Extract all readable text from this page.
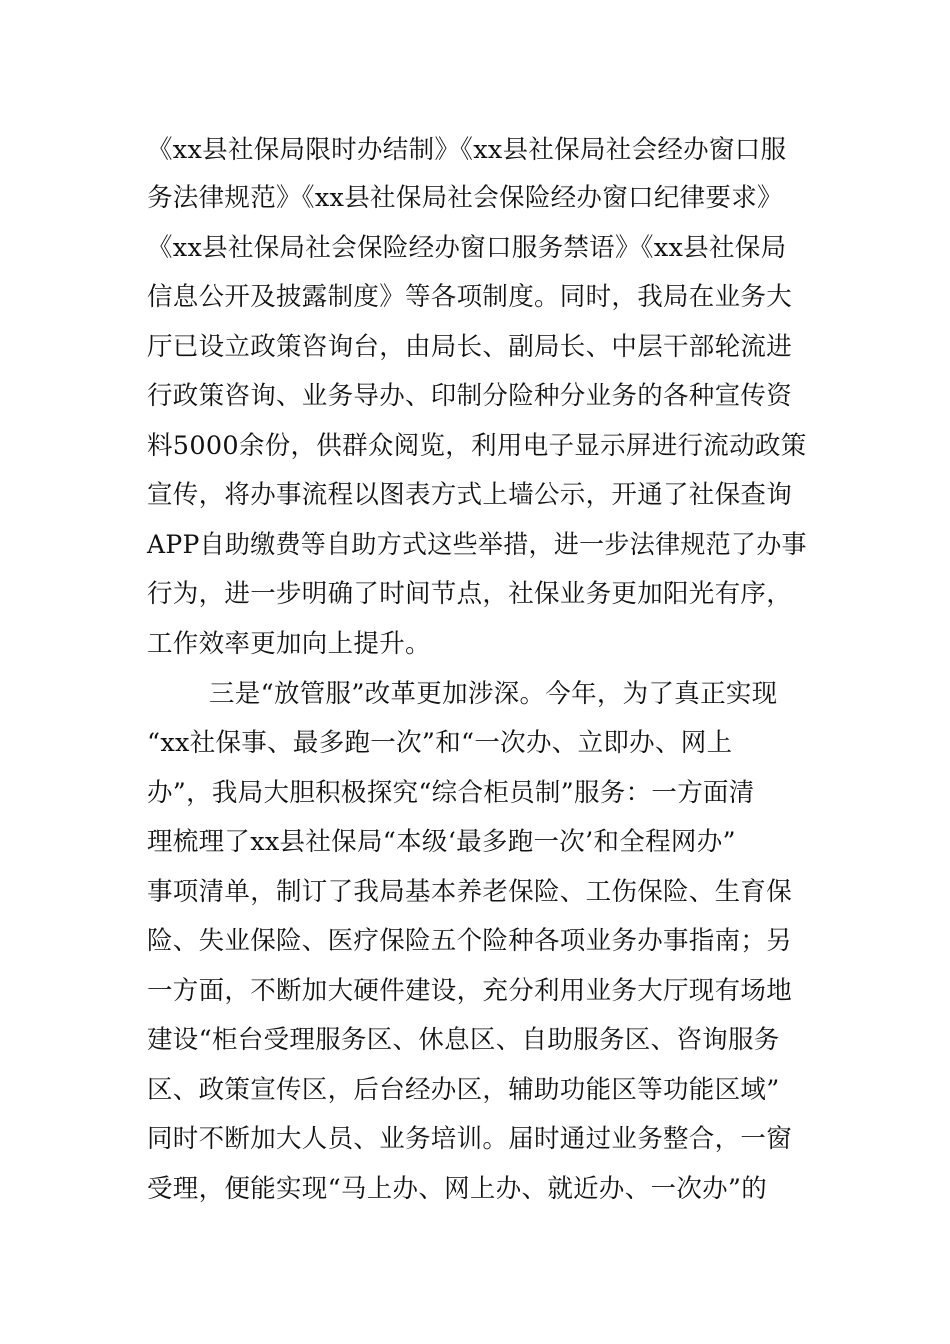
《xx县社保局限时办结制》《xx县社保局社会经办窗口服
务法律规范》《xx县社保局社会保险经办窗口纪律要求》
《xx县社保局社会保险经办窗口服务禁语》《xx县社保局
信息公开及披露制度》等各项制度。同时，我局在业务大
厅已设立政策咨询台，由局长、副局长、中层干部轮流进
行政策咨询、业务导办、印制分险种分业务的各种宣传资
料5000余份，供群众阅览，利用电子显示屏进行流动政策
宣传，将办事流程以图表方式上墙公示，开通了社保查询
APP自助缴费等自助方式这些举措，进一步法律规范了办事
行为，进一步明确了时间节点，社保业务更加阳光有序，
工作效率更加向上提升。
三是“放管服”改革更加涉深。今年，为了真正实现
“xx社保事、最多跑一次”和“一次办、立即办、网上
办”，我局大胆积极探究“综合柜员制”服务：一方面清
理梳理了xx县社保局“本级‘最多跑一次’和全程网办”
事项清单，制订了我局基本养老保险、工伤保险、生育保
险、失业保险、医疗保险五个险种各项业务办事指南；另
一方面，不断加大硬件建设，充分利用业务大厅现有场地
建设“柜台受理服务区、休息区、自助服务区、咨询服务
区、政策宣传区，后台经办区，辅助功能区等功能区域”
同时不断加大人员、业务培训。届时通过业务整合，一窗
受理，便能实现“马上办、网上办、就近办、一次办”的
